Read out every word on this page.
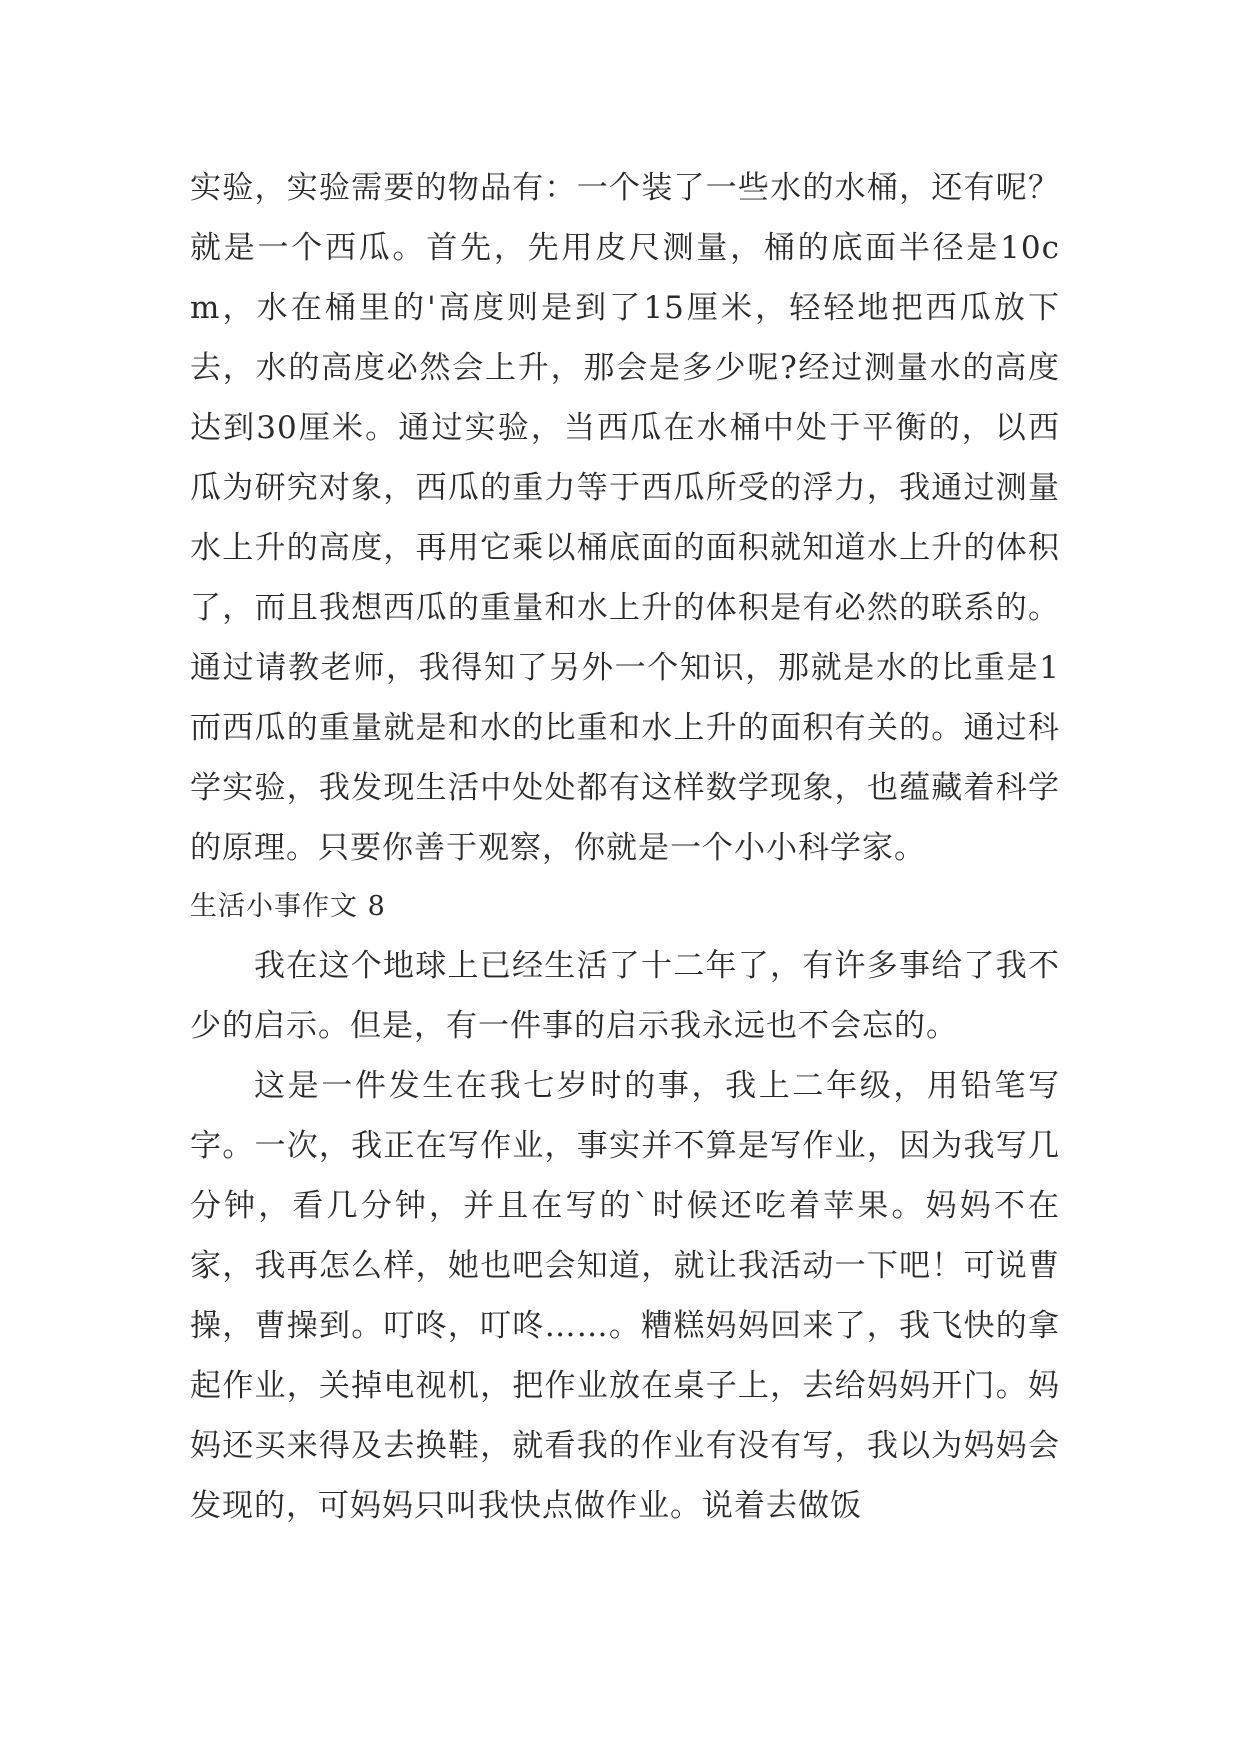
实验，实验需要的物品有：一个装了一些水的水桶，还有呢？就是一个西瓜。首先，先用皮尺测量，桶的底面半径是10cm，水在桶里的'高度则是到了15厘米，轻轻地把西瓜放下去，水的高度必然会上升，那会是多少呢?经过测量水的高度达到30厘米。通过实验，当西瓜在水桶中处于平衡的，以西瓜为研究对象，西瓜的重力等于西瓜所受的浮力，我通过测量水上升的高度，再用它乘以桶底面的面积就知道水上升的体积了，而且我想西瓜的重量和水上升的体积是有必然的联系的。通过请教老师，我得知了另外一个知识，那就是水的比重是1而西瓜的重量就是和水的比重和水上升的面积有关的。通过科学实验，我发现生活中处处都有这样数学现象，也蕴藏着科学的原理。只要你善于观察，你就是一个小小科学家。

生活小事作文 8

我在这个地球上已经生活了十二年了，有许多事给了我不少的启示。但是，有一件事的启示我永远也不会忘的。

这是一件发生在我七岁时的事，我上二年级，用铅笔写字。一次，我正在写作业，事实并不算是写作业，因为我写几分钟，看几分钟，并且在写的`时候还吃着苹果。妈妈不在家，我再怎么样，她也吧会知道，就让我活动一下吧！可说曹操，曹操到。叮咚，叮咚……。糟糕妈妈回来了，我飞快的拿起作业，关掉电视机，把作业放在桌子上，去给妈妈开门。妈妈还买来得及去换鞋，就看我的作业有没有写，我以为妈妈会发现的，可妈妈只叫我快点做作业。说着去做饭
